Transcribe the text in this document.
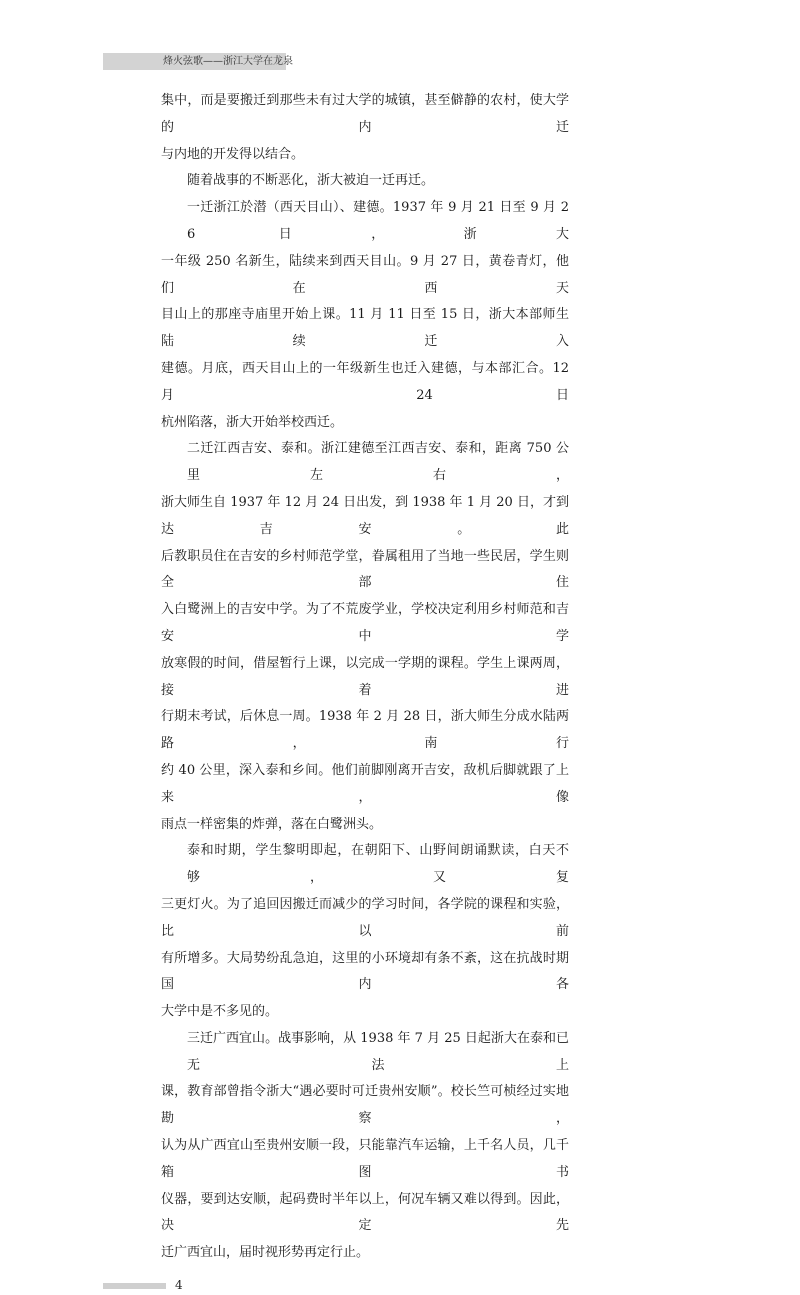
烽火弦歌——浙江大学在龙泉
集中，而是要搬迁到那些未有过大学的城镇，甚至僻静的农村，使大学的内迁
与内地的开发得以结合。
随着战事的不断恶化，浙大被迫一迁再迁。
一迁浙江於潜（西天目山）、建德。1937 年 9 月 21 日至 9 月 26 日，浙大
一年级 250 名新生，陆续来到西天目山。9 月 27 日，黄卷青灯，他们在西天
目山上的那座寺庙里开始上课。11 月 11 日至 15 日，浙大本部师生陆续迁入
建德。月底，西天目山上的一年级新生也迁入建德，与本部汇合。12 月 24 日
杭州陷落，浙大开始举校西迁。
二迁江西吉安、泰和。浙江建德至江西吉安、泰和，距离 750 公里左右，
浙大师生自 1937 年 12 月 24 日出发，到 1938 年 1 月 20 日，才到达吉安。此
后教职员住在吉安的乡村师范学堂，眷属租用了当地一些民居，学生则全部住
入白鹭洲上的吉安中学。为了不荒废学业，学校决定利用乡村师范和吉安中学
放寒假的时间，借屋暂行上课，以完成一学期的课程。学生上课两周，接着进
行期末考试，后休息一周。1938 年 2 月 28 日，浙大师生分成水陆两路，南行
约 40 公里，深入泰和乡间。他们前脚刚离开吉安，敌机后脚就跟了上来，像
雨点一样密集的炸弹，落在白鹭洲头。
泰和时期，学生黎明即起，在朝阳下、山野间朗诵默读，白天不够，又复
三更灯火。为了追回因搬迁而减少的学习时间，各学院的课程和实验，比以前
有所增多。大局势纷乱急迫，这里的小环境却有条不紊，这在抗战时期国内各
大学中是不多见的。
三迁广西宜山。战事影响，从 1938 年 7 月 25 日起浙大在泰和已无法上
课，教育部曾指令浙大“遇必要时可迁贵州安顺”。校长竺可桢经过实地勘察，
认为从广西宜山至贵州安顺一段，只能靠汽车运输，上千名人员，几千箱图书
仪器，要到达安顺，起码费时半年以上，何况车辆又难以得到。因此，决定先
迁广西宜山，届时视形势再定行止。
4
